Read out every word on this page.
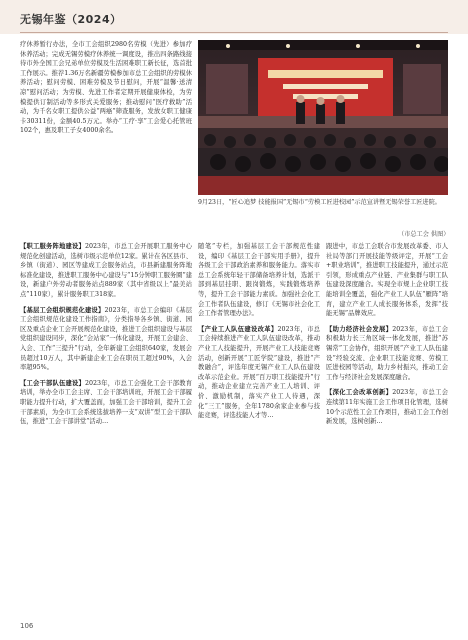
无锡年鉴（2024）

疗休养暂行办法，全市工会组织2980名劳模（先进）参加疗休养活动；完成无锡劳模疗休养统一调度设，推出四条路线接待市外全国工会兄弟单位劳模及生活困难职工新长征，选首批工作展示。推荐1.36万名新疆劳模参加市总工会组织的劳模休养活动；慰问劳模、困难劳模及节日慰问，开展“温馨·送清凉”慰问活动；为劳模、先进工作者定期开展健康体检，为劳模提供订制活动等多形式关爱服务；推动慰问“医疗救助”活动，为千名女职工提供公益“两癌”筛查服务，发放女职工健康卡30311份，金额40.5万元。举办“工疗·享”工会爱心托管班102个，惠及职工子女4000余名。

9月23日，“匠心追梦 技能报国”无锡市“劳模工匠进校园”示范宣讲暨无锡荣誉工匠进院。
（市总工会 供图）
【职工服务阵地建设】2023年，市总工会开展职工服务中心规范化创建活动，选树市级示范单位12家。累计在各区县市、乡镇（街道）、园区等建成工会服务站点，市县新建服务阵地标准化建设，推进职工服务中心建设与“15分钟职工服务圈”建设，新建户外劳动者服务站点889家（其中省级以上“最美站点”110家），累计服务职工318家。
【基层工会组织规范化建设】2023年，市总工会编印《基层工会组织规范化建设工作指南》，分类指导各乡镇、街道、园区及重点企业工会开展规范化建设，推进工会组织建设与基层党组织建设同步，深化“会站家”一体化建设，开展工会建会、入会、工作“三提升”行动，全年新建工会组织640家，发展会员超过10万人，其中新建企业工会在职员工超过90%，入会率超95%。
【工会干部队伍建设】2023年，市总工会强化工会干部教育培训，举办全市工会主席、工会干部培训班，开展工会干部履职能力提升行动，扩大覆盖面，加强工会干部培训，提升工会干部素质，为全市工会系统选拔培养一支“双讲”型工会干部队伍，推进“工会干部讲堂”活动…
随笔”专栏，加强基层工会干部规范性建设，编印《基层工会干部实用手册》，提升各级工会干部政治素养和服务能力。落实市总工会系统年轻干部储备培养计划，选派干部到基层挂职、跟岗锻炼，实践锻炼培养等，提升工会干部能力素质。加强社会化工会工作者队伍建设，修订《无锡市社会化工会工作者管理办法》。
【产业工人队伍建设改革】2023年，市总工会持续推进产业工人队伍建设改革，推动产业工人技能提升，开展产业工人技能竞赛活动，创新开展“工匠学院”建设，推进“产教融合”，评选年度无锡产业工人队伍建设改革示范企业。开展“百万职工技能提升”行动，推动企业建立完善产业工人培训、评价、激励机制，落实产业工人待遇，深化“三工”服务，全年1780余家企业参与技能竞赛，评选技能人才等…
跟进中，市总工会联合市发展改革委、市人社局等部门开展技能等级评定，开展“工会+职业培训”，推进职工技能提升，通过示范引领，形成重点产业链、产业集群与职工队伍建设深度融合。实现全市规上企业职工技能培训全覆盖，强化产业工人队伍“雁阵”培育，建立产业工人成长服务体系，发挥“技能无锡”品牌效应。
【助力经济社会发展】2023年，市总工会积极助力长三角区域一体化发展，推进“苏锡常”工会协作，组织开展“产业工人队伍建设”经验交流、企业职工技能竞赛、劳模工匠进校园等活动，助力乡村振兴，推动工会工作与经济社会发展深度融合。
【深化工会改革创新】2023年，市总工会连续第11年实施工会工作项目化管理，选树10个示范性工会工作项目，推动工会工作创新发展，选树创新…
106
